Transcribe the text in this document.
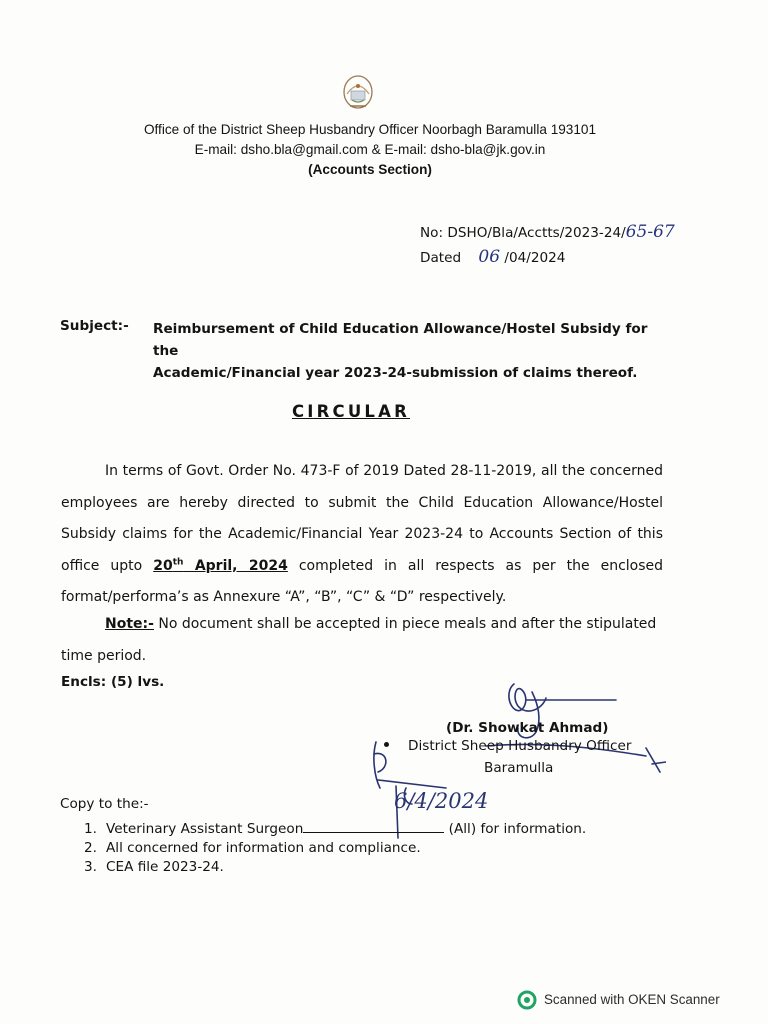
Office of the District Sheep Husbandry Officer Noorbagh Baramulla 193101
E-mail: dsho.bla@gmail.com & E-mail: dsho-bla@jk.gov.in
(Accounts Section)
No: DSHO/Bla/Acctts/2023-24/65-67
Dated 06 /04/2024
Subject:- Reimbursement of Child Education Allowance/Hostel Subsidy for the
Academic/Financial year 2023-24-submission of claims thereof.
CIRCULAR

In terms of Govt. Order No. 473-F of 2019 Dated 28-11-2019, all the concerned employees are hereby directed to submit the Child Education Allowance/Hostel Subsidy claims for the Academic/Financial Year 2023-24 to Accounts Section of this office upto 20th April, 2024 completed in all respects as per the enclosed format/performa’s as Annexure “A”, “B”, “C” & “D” respectively.

Note:- No document shall be accepted in piece meals and after the stipulated time period.
Encls: (5) lvs.
6/4/2024
(Dr. Showkat Ahmad)
District Sheep Husbandry Officer
Baramulla
Copy to the:-
1. Veterinary Assistant Surgeon	(All) for information.
2. All concerned for information and compliance.
3. CEA file 2023-24.
Scanned with OKEN Scanner
